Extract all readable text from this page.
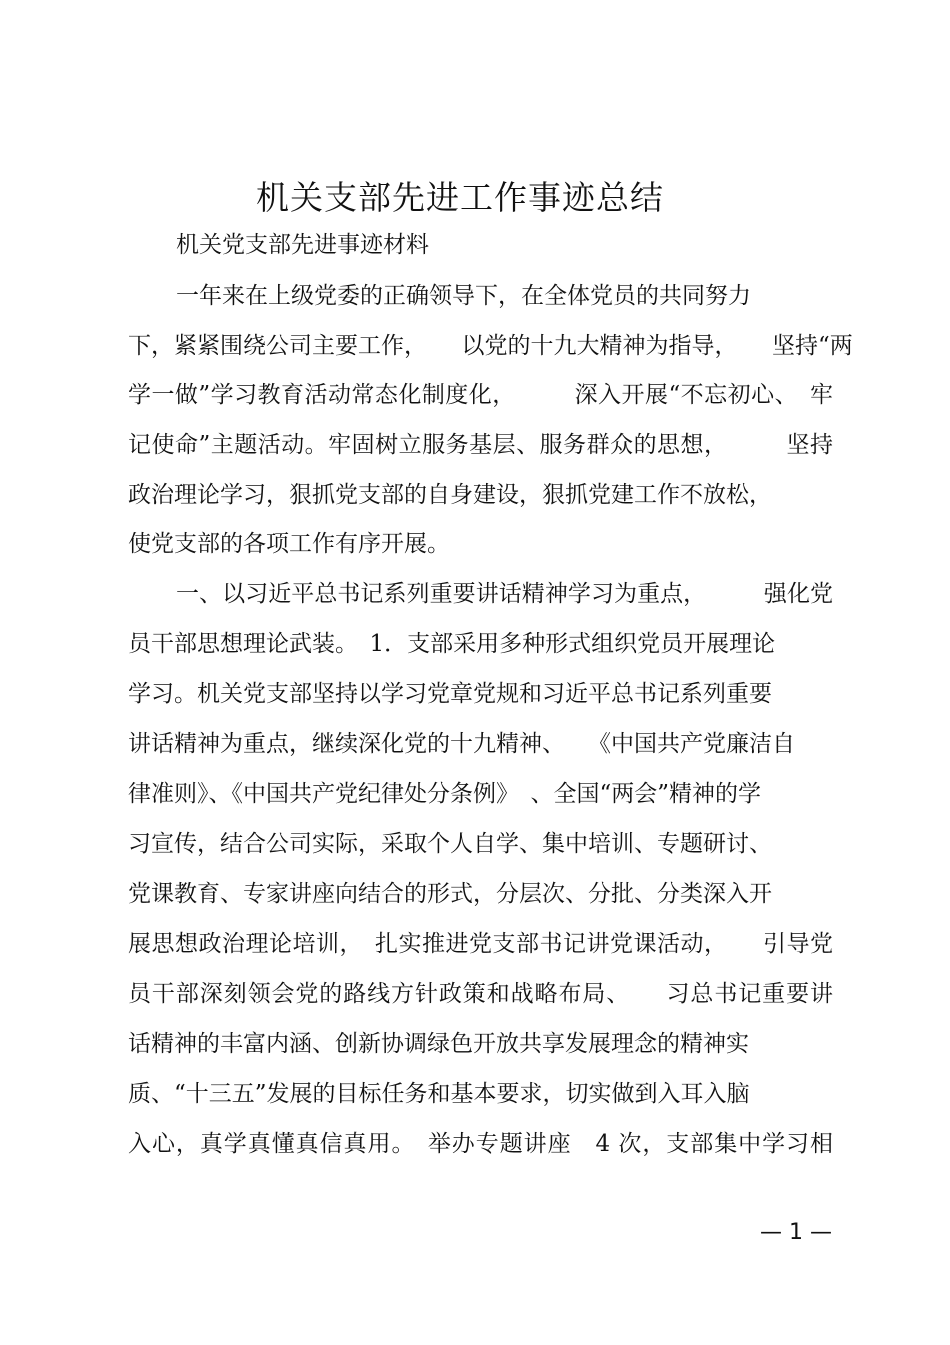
机关支部先进工作事迹总结
机关党支部先进事迹材料
一年来在上级党委的正确领导下，在全体党员的共同努力
下，紧紧围绕公司主要工作，　　以党的十九大精神为指导，　　坚持“两
学一做”学习教育活动常态化制度化，　　　深入开展“不忘初心、　牢
记使命”主题活动。牢固树立服务基层、服务群众的思想，　　　坚持
政治理论学习，狠抓党支部的自身建设，狠抓党建工作不放松，
使党支部的各项工作有序开展。
一、以习近平总书记系列重要讲话精神学习为重点，　　　强化党
员干部思想理论武装。　1．支部采用多种形式组织党员开展理论
学习。机关党支部坚持以学习党章党规和习近平总书记系列重要
讲话精神为重点，继续深化党的十九精神、　　《中国共产党廉洁自
律准则》、《中国共产党纪律处分条例》　、全国“两会”精神的学
习宣传，结合公司实际，采取个人自学、集中培训、专题研讨、
党课教育、专家讲座向结合的形式，分层次、分批、分类深入开
展思想政治理论培训，　扎实推进党支部书记讲党课活动，　　引导党
员干部深刻领会党的路线方针政策和战略布局、　　习总书记重要讲
话精神的丰富内涵、创新协调绿色开放共享发展理念的精神实
质、“十三五”发展的目标任务和基本要求，切实做到入耳入脑
入心，真学真懂真信真用。　举办专题讲座　4 次，支部集中学习相
— 1 —
